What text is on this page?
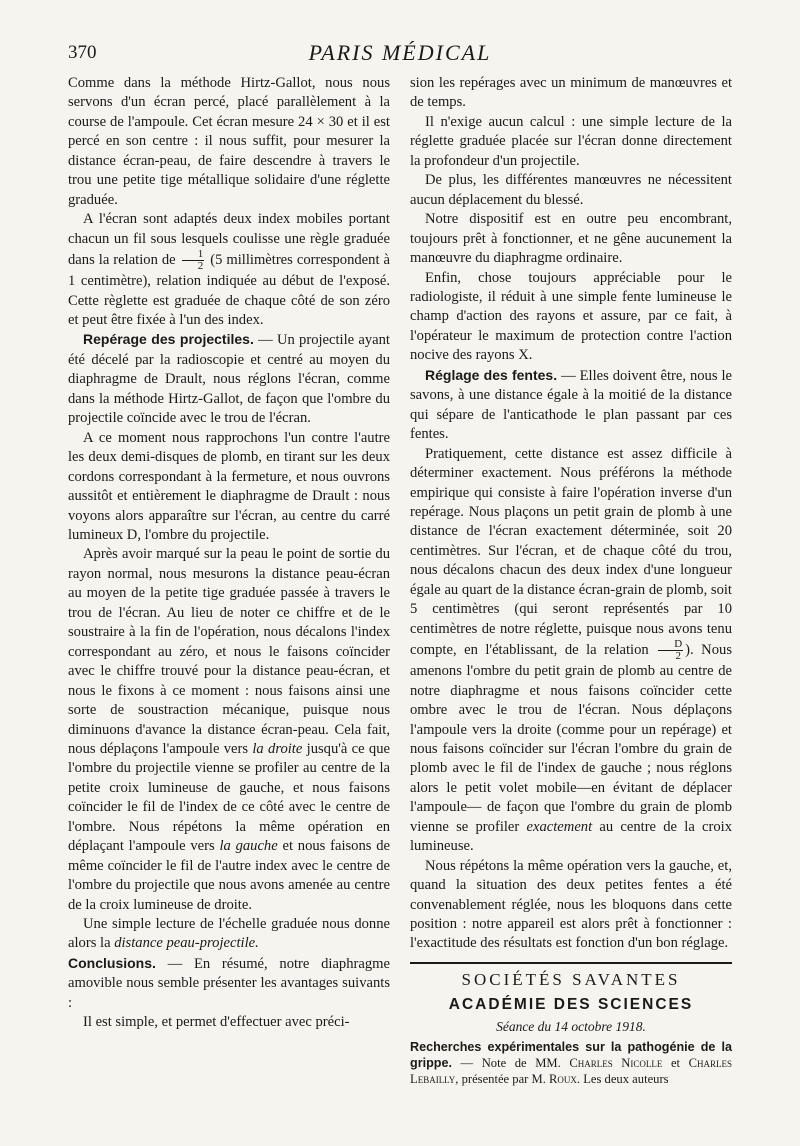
370	PARIS MÉDICAL

Comme dans la méthode Hirtz-Gallot, nous nous servons d'un écran percé, placé parallèlement à la course de l'ampoule. Cet écran mesure 24 × 30 et il est percé en son centre : il nous suffit, pour mesurer la distance écran-peau, de faire descendre à travers le trou une petite tige métallique solidaire d'une réglette graduée.

A l'écran sont adaptés deux index mobiles portant chacun un fil sous lesquels coulisse une règle graduée dans la relation de $\frac{1}{2} (5$ millimètres correspondent à 1 centimètre), relation indiquée au début de l'exposé. Cette règlette est graduée de chaque côté de son zéro et peut être fixée à l'un des index.

Repérage des projectiles. — Un projectile ayant été décelé par la radioscopie et centré au moyen du diaphragme de Drault, nous réglons l'écran, comme dans la méthode Hirtz-Gallot, de façon que l'ombre du projectile coïncide avec le trou de l'écran.

A ce moment nous rapprochons l'un contre l'autre les deux demi-disques de plomb, en tirant sur les deux cordons correspondant à la fermeture, et nous ouvrons aussitôt et entièrement le diaphragme de Drault : nous voyons alors apparaître sur l'écran, au centre du carré lumineux D, l'ombre du projectile.

Après avoir marqué sur la peau le point de sortie du rayon normal, nous mesurons la distance peau-écran au moyen de la petite tige graduée passée à travers le trou de l'écran. Au lieu de noter ce chiffre et de le soustraire à la fin de l'opération, nous décalons l'index correspondant au zéro, et nous le faisons coïncider avec le chiffre trouvé pour la distance peau-écran, et nous le fixons à ce moment : nous faisons ainsi une sorte de soustraction mécanique, puisque nous diminuons d'avance la distance écran-peau. Cela fait, nous déplaçons l'ampoule vers la droite jusqu'à ce que l'ombre du projectile vienne se profiler au centre de la petite croix lumineuse de gauche, et nous faisons coïncider le fil de l'index de ce côté avec le centre de l'ombre. Nous répétons la même opération en déplaçant l'ampoule vers la gauche et nous faisons de même coïncider le fil de l'autre index avec le centre de l'ombre du projectile que nous avons amenée au centre de la croix lumineuse de droite.

Une simple lecture de l'échelle graduée nous donne alors la distance peau-projectile.

Conclusions. — En résumé, notre diaphragme amovible nous semble présenter les avantages suivants :

Il est simple, et permet d'effectuer avec préci-

sion les repérages avec un minimum de manœuvres et de temps.

Il n'exige aucun calcul : une simple lecture de la réglette graduée placée sur l'écran donne directement la profondeur d'un projectile.

De plus, les différentes manœuvres ne nécessitent aucun déplacement du blessé.

Notre dispositif est en outre peu encombrant, toujours prêt à fonctionner, et ne gêne aucunement la manœuvre du diaphragme ordinaire.

Enfin, chose toujours appréciable pour le radiologiste, il réduit à une simple fente lumineuse le champ d'action des rayons et assure, par ce fait, à l'opérateur le maximum de protection contre l'action nocive des rayons X.

Réglage des fentes. — Elles doivent être, nous le savons, à une distance égale à la moitié de la distance qui sépare de l'anticathode le plan passant par ces fentes.

Pratiquement, cette distance est assez difficile à déterminer exactement. Nous préférons la méthode empirique qui consiste à faire l'opération inverse d'un repérage. Nous plaçons un petit grain de plomb à une distance de l'écran exactement déterminée, soit 20 centimètres. Sur l'écran, et de chaque côté du trou, nous décalons chacun des deux index d'une longueur égale au quart de la distance écran-grain de plomb, soit 5 centimètres (qui seront représentés par 10 centimètres de notre réglette, puisque nous avons tenu compte, en l'établissant, de la relation $\frac{D}{2}$ ). Nous amenons l'ombre du petit grain de plomb au centre de notre diaphragme et nous faisons coïncider cette ombre avec le trou de l'écran. Nous déplaçons l'ampoule vers la droite (comme pour un repérage) et nous faisons coïncider sur l'écran l'ombre du grain de plomb avec le fil de l'index de gauche ; nous réglons alors le petit volet mobile—en évitant de déplacer l'ampoule— de façon que l'ombre du grain de plomb vienne se profiler exactement au centre de la croix lumineuse.

Nous répétons la même opération vers la gauche, et, quand la situation des deux petites fentes a été convenablement réglée, nous les bloquons dans cette position : notre appareil est alors prêt à fonctionner : l'exactitude des résultats est fonction d'un bon réglage.

SOCIÉTÉS SAVANTES
ACADÉMIE DES SCIENCES
Séance du 14 octobre 1918.
Recherches expérimentales sur la pathogénie de la grippe. — Note de MM. Charles Nicolle et Charles Lebailly, présentée par M. Roux. Les deux auteurs
